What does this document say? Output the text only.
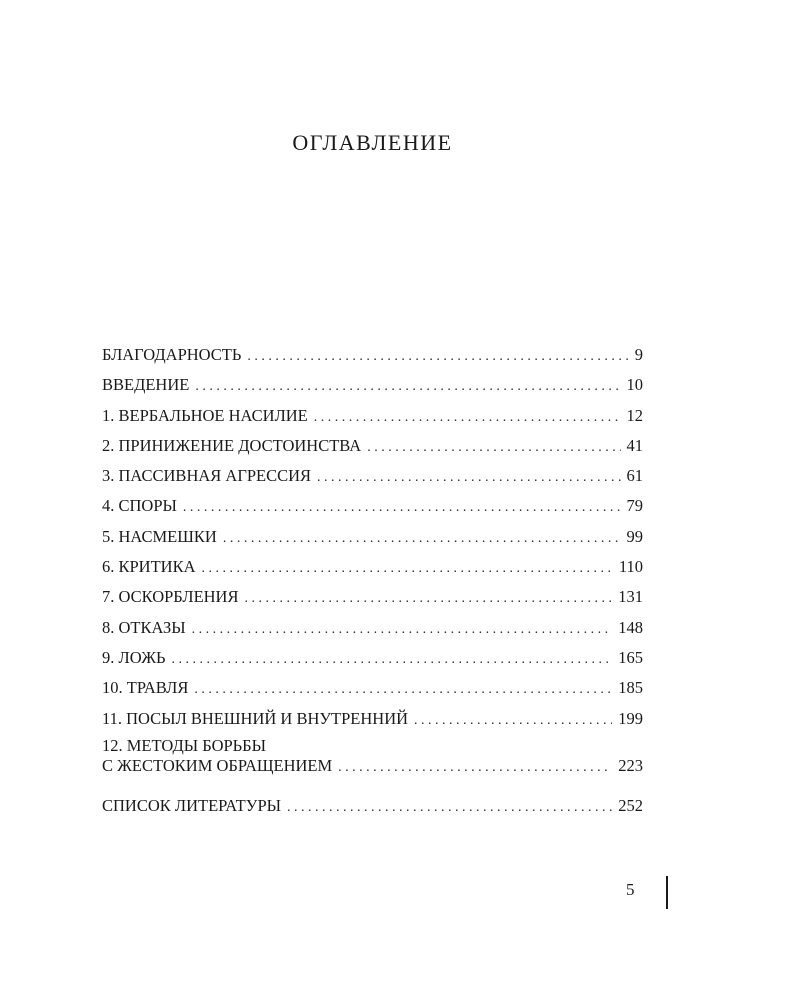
ОГЛАВЛЕНИЕ
БЛАГОДАРНОСТЬ . . .	9
ВВЕДЕНИЕ . . .	10
1. ВЕРБАЛЬНОЕ НАСИЛИЕ . . .	12
2. ПРИНИЖЕНИЕ ДОСТОИНСТВА . . .	41
3. ПАССИВНАЯ АГРЕССИЯ . . .	61
4. СПОРЫ . . .	79
5. НАСМЕШКИ . . .	99
6. КРИТИКА . . .	110
7. ОСКОРБЛЕНИЯ . . .	131
8. ОТКАЗЫ . . .	148
9. ЛОЖЬ . . .	165
10. ТРАВЛЯ . . .	185
11. ПОСЫЛ ВНЕШНИЙ И ВНУТРЕННИЙ . . .	199
12. МЕТОДЫ БОРЬБЫ
С ЖЕСТОКИМ ОБРАЩЕНИЕМ . . .	223
СПИСОК ЛИТЕРАТУРЫ . . .	252
5
